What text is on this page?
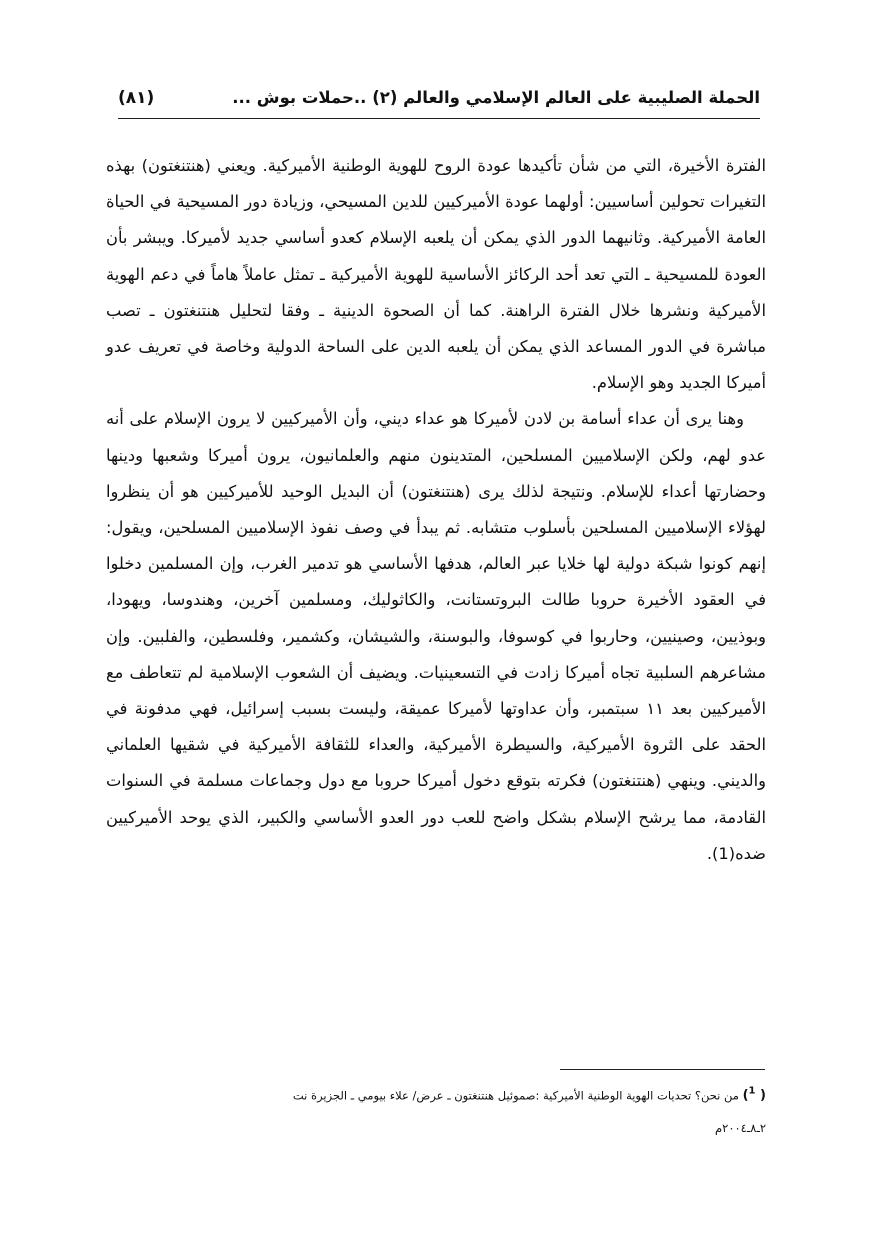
الحملة الصليبية على العالم الإسلامي والعالم (٢) ..حملات بوش ...
(٨١)

الفترة الأخيرة، التي من شأن تأكيدها عودة الروح للهوية الوطنية الأميركية. ويعني (هنتنغتون) بهذه التغيرات تحولين أساسيين: أولهما عودة الأميركيين للدين المسيحي، وزيادة دور المسيحية في الحياة العامة الأميركية. وثانيهما الدور الذي يمكن أن يلعبه الإسلام كعدو أساسي جديد لأميركا. ويبشر بأن العودة للمسيحية ـ التي تعد أحد الركائز الأساسية للهوية الأميركية ـ تمثل عاملاً هاماً في دعم الهوية الأميركية ونشرها خلال الفترة الراهنة. كما أن الصحوة الدينية ـ وفقا لتحليل هنتنغتون ـ تصب مباشرة في الدور المساعد الذي يمكن أن يلعبه الدين على الساحة الدولية وخاصة في تعريف عدو أميركا الجديد وهو الإسلام.

وهنا يرى أن عداء أسامة بن لادن لأميركا هو عداء ديني، وأن الأميركيين لا يرون الإسلام على أنه عدو لهم، ولكن الإسلاميين المسلحين، المتدينون منهم والعلمانيون، يرون أميركا وشعبها ودينها وحضارتها أعداء للإسلام. ونتيجة لذلك يرى (هنتنغتون) أن البديل الوحيد للأميركيين هو أن ينظروا لهؤلاء الإسلاميين المسلحين بأسلوب متشابه. ثم يبدأ في وصف نفوذ الإسلاميين المسلحين، ويقول: إنهم كونوا شبكة دولية لها خلايا عبر العالم، هدفها الأساسي هو تدمير الغرب، وإن المسلمين دخلوا في العقود الأخيرة حروبا طالت البروتستانت، والكاثوليك، ومسلمين آخرين، وهندوسا، ويهودا، وبوذيين، وصينيين، وحاربوا في كوسوفا، والبوسنة، والشيشان، وكشمير، وفلسطين، والفلبين. وإن مشاعرهم السلبية تجاه أميركا زادت في التسعينيات. ويضيف أن الشعوب الإسلامية لم تتعاطف مع الأميركيين بعد ١١ سبتمبر، وأن عداوتها لأميركا عميقة، وليست بسبب إسرائيل، فهي مدفونة في الحقد على الثروة الأميركية، والسيطرة الأميركية، والعداء للثقافة الأميركية في شقيها العلماني والديني. وينهي (هنتنغتون) فكرته بتوقع دخول أميركا حروبا مع دول وجماعات مسلمة في السنوات القادمة، مما يرشح الإسلام بشكل واضح للعب دور العدو الأساسي والكبير، الذي يوحد الأميركيين ضده(1).

( $^1$) من نحن؟ تحديات الهوية الوطنية الأميركية :صموئيل هنتنغتون ـ عرض/ علاء بيومي ـ الجزيرة نت
٢ـ٨ـ٢٠٠٤م
